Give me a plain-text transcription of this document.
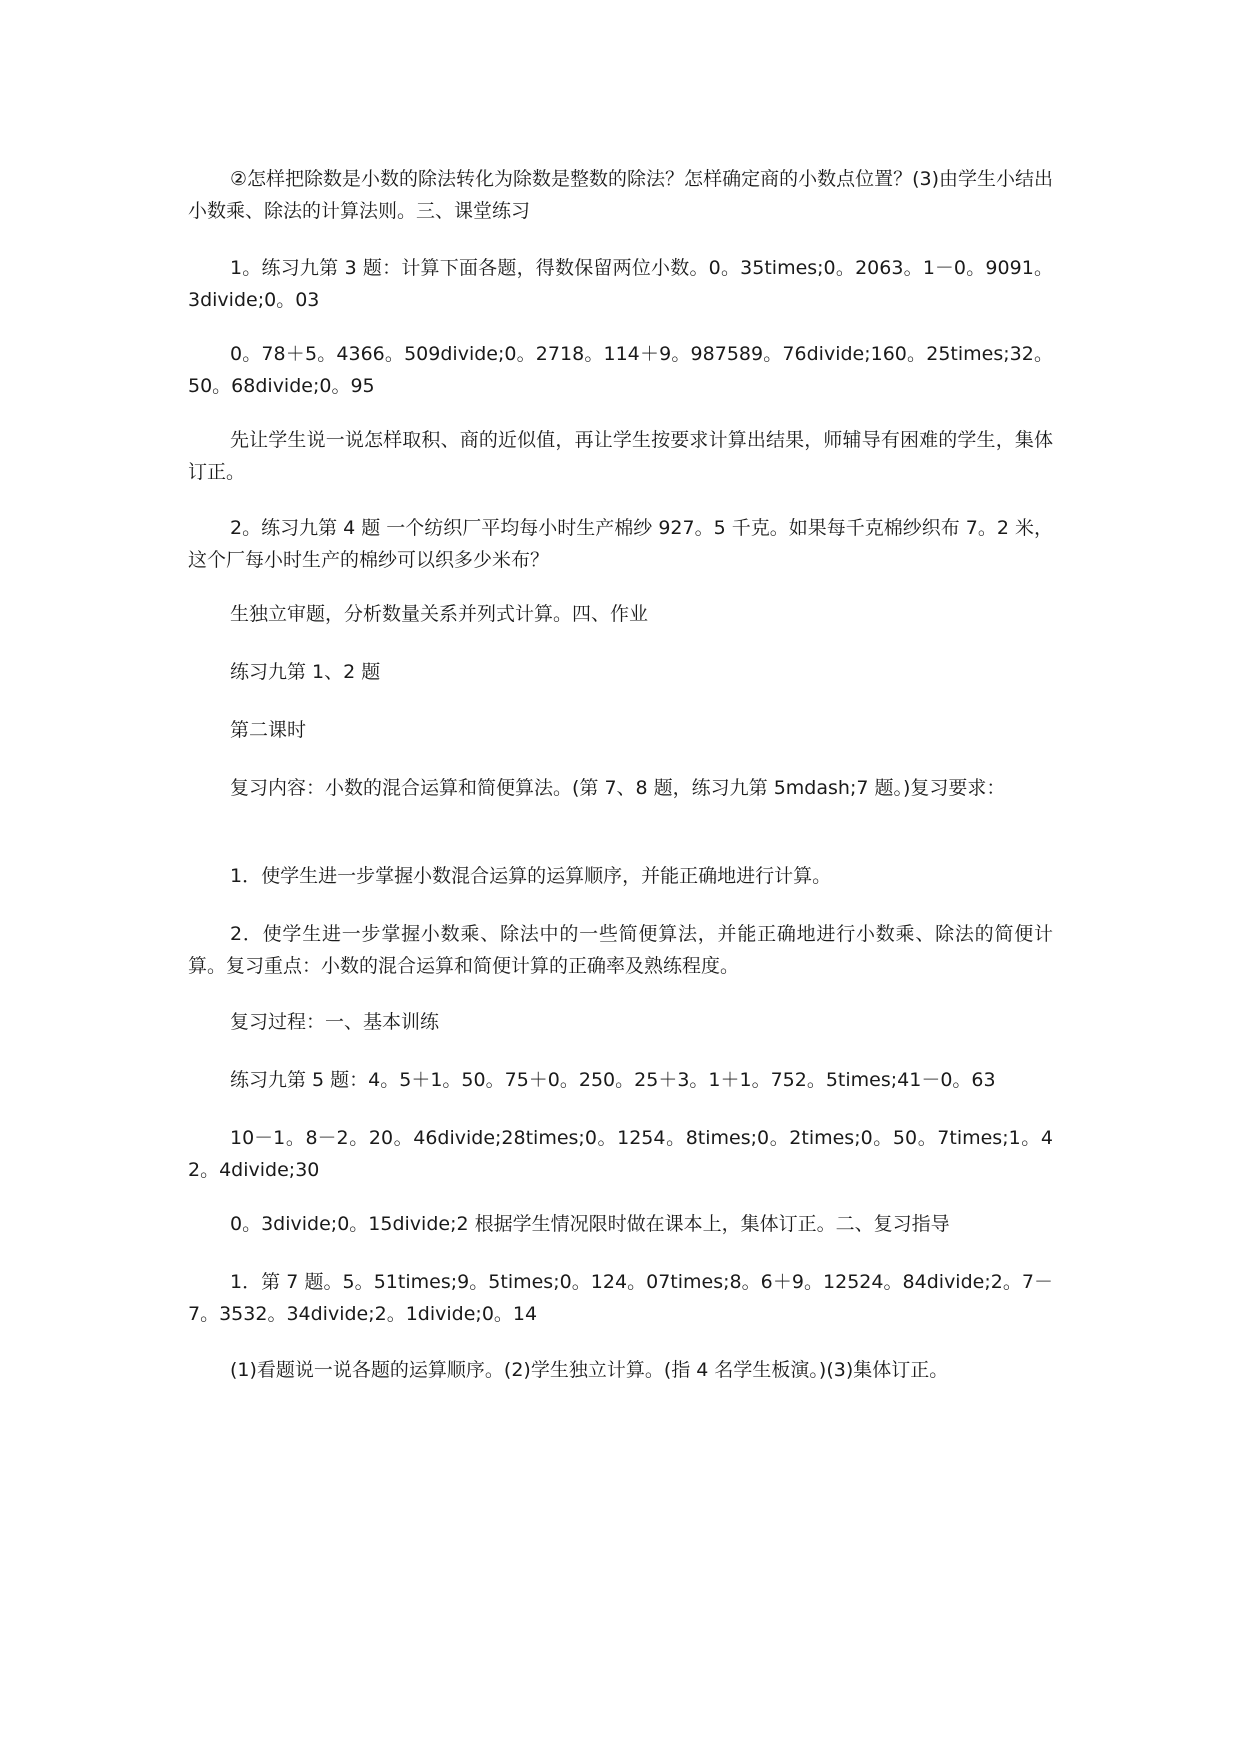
②怎样把除数是小数的除法转化为除数是整数的除法？怎样确定商的小数点位置？(3)由学生小结出小数乘、除法的计算法则。三、课堂练习

1。练习九第 3 题：计算下面各题，得数保留两位小数。0。35times;0。2063。1－0。9091。3divide;0。03

0。78＋5。4366。509divide;0。2718。114＋9。987589。76divide;160。25times;32。50。68divide;0。95

先让学生说一说怎样取积、商的近似值，再让学生按要求计算出结果，师辅导有困难的学生，集体订正。

2。练习九第 4 题 一个纺织厂平均每小时生产棉纱 927。5 千克。如果每千克棉纱织布 7。2 米，这个厂每小时生产的棉纱可以织多少米布？

生独立审题，分析数量关系并列式计算。四、作业

练习九第 1、2 题

第二课时

复习内容：小数的混合运算和简便算法。(第 7、8 题，练习九第 5mdash;7 题。)复习要求：

1．使学生进一步掌握小数混合运算的运算顺序，并能正确地进行计算。

2．使学生进一步掌握小数乘、除法中的一些简便算法，并能正确地进行小数乘、除法的简便计算。复习重点：小数的混合运算和简便计算的正确率及熟练程度。

复习过程：一、基本训练

练习九第 5 题：4。5＋1。50。75＋0。250。25＋3。1＋1。752。5times;41－0。63

10－1。8－2。20。46divide;28times;0。1254。8times;0。2times;0。50。7times;1。42。4divide;30

0。3divide;0。15divide;2 根据学生情况限时做在课本上，集体订正。二、复习指导

1．第 7 题。5。51times;9。5times;0。124。07times;8。6＋9。12524。84divide;2。7－7。3532。34divide;2。1divide;0。14

(1)看题说一说各题的运算顺序。(2)学生独立计算。(指 4 名学生板演。)(3)集体订正。
